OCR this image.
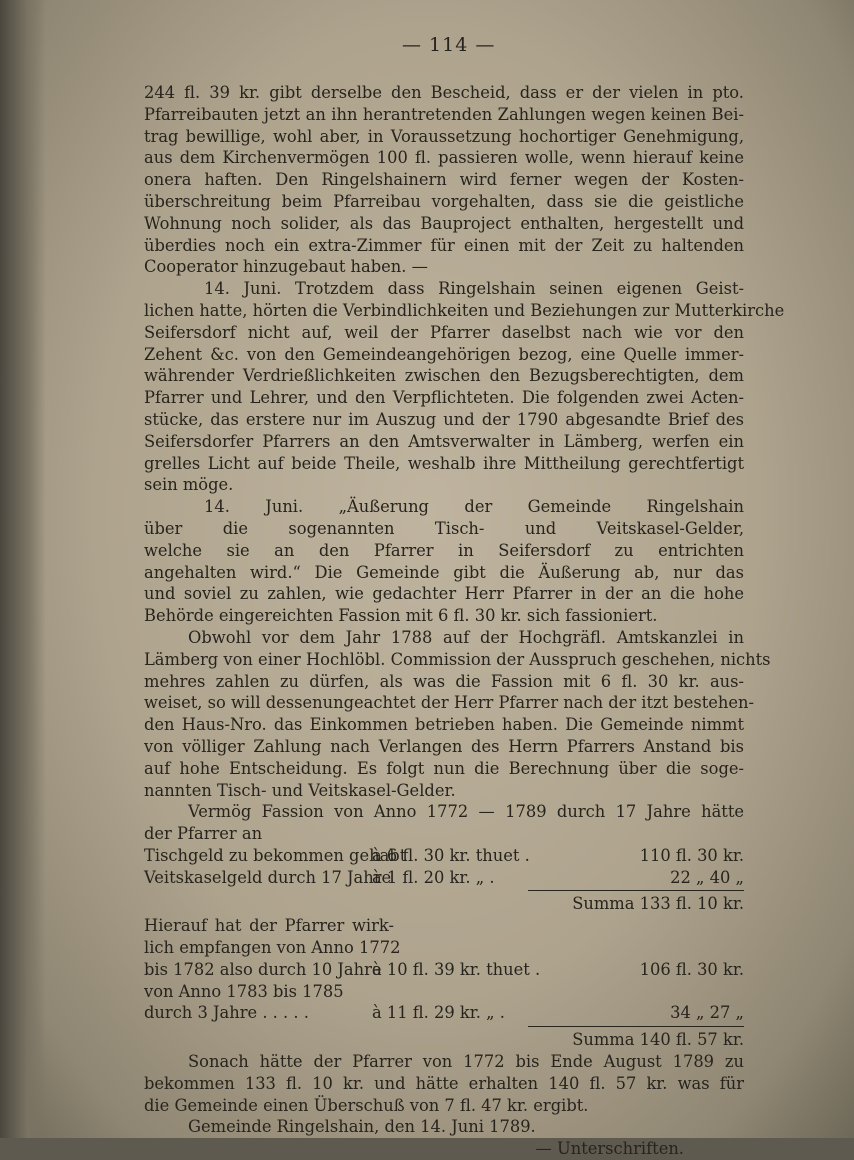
— 114 —
244 fl. 39 kr. gibt derselbe den Bescheid, dass er der vielen in pto.
Pfarreibauten jetzt an ihn herantretenden Zahlungen wegen keinen Bei-
trag bewillige, wohl aber, in Voraussetzung hochortiger Genehmigung,
aus dem Kirchenvermögen 100 fl. passieren wolle, wenn hierauf keine
onera haften. Den Ringelshainern wird ferner wegen der Kosten-
überschreitung beim Pfarreibau vorgehalten, dass sie die geistliche
Wohnung noch solider, als das Bauproject enthalten, hergestellt und
überdies noch ein extra-Zimmer für einen mit der Zeit zu haltenden
Cooperator hinzugebaut haben. —
14. Juni. Trotzdem dass Ringelshain seinen eigenen Geist-
lichen hatte, hörten die Verbindlichkeiten und Beziehungen zur Mutterkirche
Seifersdorf nicht auf, weil der Pfarrer daselbst nach wie vor den
Zehent &c. von den Gemeindeangehörigen bezog, eine Quelle immer-
währender Verdrießlichkeiten zwischen den Bezugsberechtigten, dem
Pfarrer und Lehrer, und den Verpflichteten. Die folgenden zwei Acten-
stücke, das erstere nur im Auszug und der 1790 abgesandte Brief des
Seifersdorfer Pfarrers an den Amtsverwalter in Lämberg, werfen ein
grelles Licht auf beide Theile, weshalb ihre Mittheilung gerechtfertigt
sein möge.
14. Juni. „Äußerung der Gemeinde Ringelshain
über die sogenannten Tisch- und Veitskasel-Gelder,
welche sie an den Pfarrer in Seifersdorf zu entrichten
angehalten wird.“ Die Gemeinde gibt die Äußerung ab, nur das
und soviel zu zahlen, wie gedachter Herr Pfarrer in der an die hohe
Behörde eingereichten Fassion mit 6 fl. 30 kr. sich fassioniert.
Obwohl vor dem Jahr 1788 auf der Hochgräfl. Amtskanzlei in
Lämberg von einer Hochlöbl. Commission der Ausspruch geschehen, nichts
mehres zahlen zu dürfen, als was die Fassion mit 6 fl. 30 kr. aus-
weiset, so will dessenungeachtet der Herr Pfarrer nach der itzt bestehen-
den Haus-Nro. das Einkommen betrieben haben. Die Gemeinde nimmt
von völliger Zahlung nach Verlangen des Herrn Pfarrers Anstand bis
auf hohe Entscheidung. Es folgt nun die Berechnung über die soge-
nannten Tisch- und Veitskasel-Gelder.
Vermög Fassion von Anno 1772 — 1789 durch 17 Jahre hätte
der Pfarrer an
Tischgeld zu bekommen gehabt
à 6 fl. 30 kr. thuet .	110 fl. 30 kr.
Veitskaselgeld durch 17 Jahre
à 1 fl. 20 kr. „ .	22 „ 40 „
Summa 133 fl. 10 kr.
Hierauf hat der Pfarrer wirk-
lich empfangen von Anno 1772
bis 1782 also durch 10 Jahre
à 10 fl. 39 kr. thuet .	106 fl. 30 kr.
von Anno 1783 bis 1785
durch 3 Jahre . . . . .	à 11 fl. 29 kr. „ .	34 „ 27 „
Summa 140 fl. 57 kr.
Sonach hätte der Pfarrer von 1772 bis Ende August 1789 zu
bekommen 133 fl. 10 kr. und hätte erhalten 140 fl. 57 kr. was für
die Gemeinde einen Überschuß von 7 fl. 47 kr. ergibt.
Gemeinde Ringelshain, den 14. Juni 1789.
— Unterschriften.
